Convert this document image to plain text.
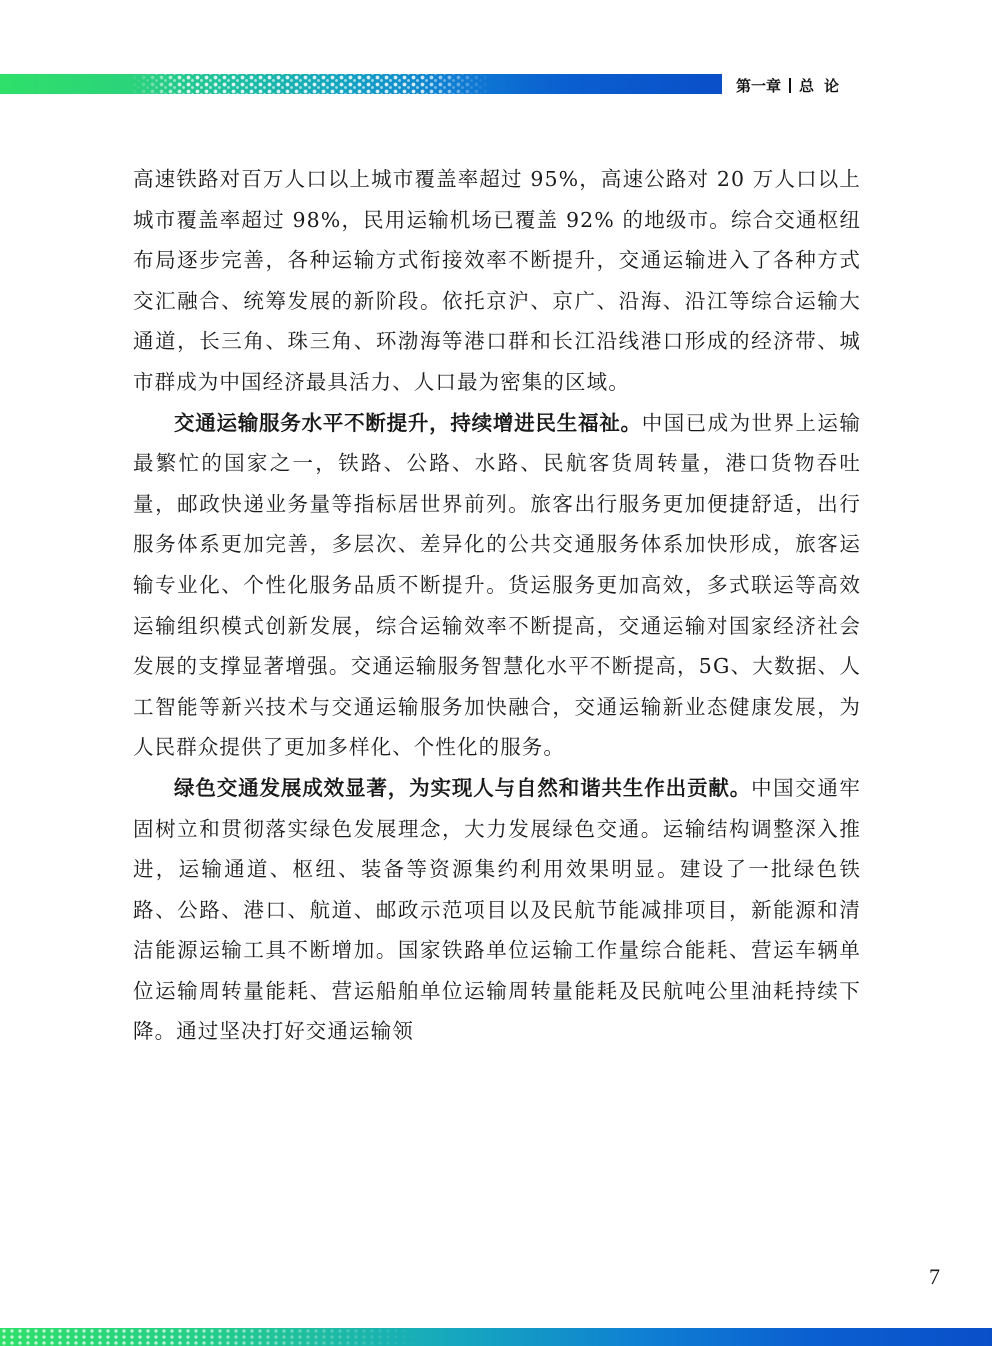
第一章 总论

高速铁路对百万人口以上城市覆盖率超过 95%，高速公路对 20 万人口以上城市覆盖率超过 98%，民用运输机场已覆盖 92% 的地级市。综合交通枢纽布局逐步完善，各种运输方式衔接效率不断提升，交通运输进入了各种方式交汇融合、统筹发展的新阶段。依托京沪、京广、沿海、沿江等综合运输大通道，长三角、珠三角、环渤海等港口群和长江沿线港口形成的经济带、城市群成为中国经济最具活力、人口最为密集的区域。

交通运输服务水平不断提升，持续增进民生福祉。中国已成为世界上运输最繁忙的国家之一，铁路、公路、水路、民航客货周转量，港口货物吞吐量，邮政快递业务量等指标居世界前列。旅客出行服务更加便捷舒适，出行服务体系更加完善，多层次、差异化的公共交通服务体系加快形成，旅客运输专业化、个性化服务品质不断提升。货运服务更加高效，多式联运等高效运输组织模式创新发展，综合运输效率不断提高，交通运输对国家经济社会发展的支撑显著增强。交通运输服务智慧化水平不断提高，5G、大数据、人工智能等新兴技术与交通运输服务加快融合，交通运输新业态健康发展，为人民群众提供了更加多样化、个性化的服务。

绿色交通发展成效显著，为实现人与自然和谐共生作出贡献。中国交通牢固树立和贯彻落实绿色发展理念，大力发展绿色交通。运输结构调整深入推进，运输通道、枢纽、装备等资源集约利用效果明显。建设了一批绿色铁路、公路、港口、航道、邮政示范项目以及民航节能减排项目，新能源和清洁能源运输工具不断增加。国家铁路单位运输工作量综合能耗、营运车辆单位运输周转量能耗、营运船舶单位运输周转量能耗及民航吨公里油耗持续下降。通过坚决打好交通运输领

7
